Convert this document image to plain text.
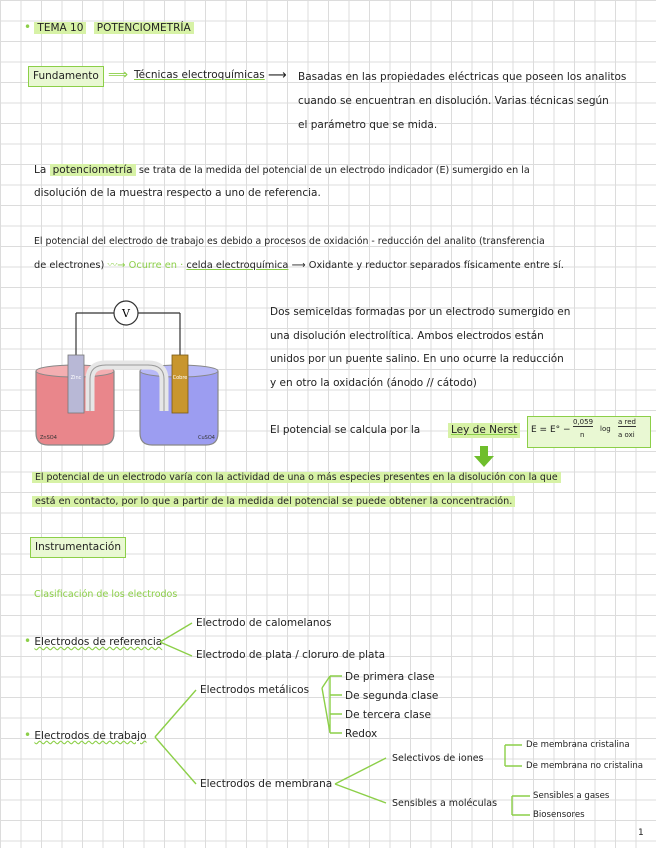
• TEMA 10 POTENCIOMETRÍA
Fundamento ⟹ Técnicas electroquímicas ⟶ Basadas en las propiedades eléctricas que poseen los analitos
cuando se encuentran en disolución. Varias técnicas según
el parámetro que se mida.
La potenciometría se trata de la medida del potencial de un electrodo indicador (E) sumergido en la
disolución de la muestra respecto a uno de referencia.
El potencial del electrodo de trabajo es debido a procesos de oxidación - reducción del analito (transferencia
de electrones) 〰→ Ocurre en · celda electroquímica ⟶ Oxidante y reductor separados físicamente entre sí.
V
Zinc	Cobre
ZnSO4	CuSO4
Dos semiceldas formadas por un electrodo sumergido en
una disolución electrolítica. Ambos electrodos están
unidos por un puente salino. En uno ocurre la reducción
y en otro la oxidación (ánodo // cátodo)
El potencial se calcula por la	Ley de Nerst	E = E° −
0,059
n
log
a red
a oxi
El potencial de un electrodo varía con la actividad de una o más especies presentes en la disolución con la que
está en contacto, por lo que a partir de la medida del potencial se puede obtener la concentración.
Instrumentación
Clasificación de los electrodos
• Electrodos de referencia
Electrodo de calomelanos
Electrodo de plata / cloruro de plata
• Electrodos de trabajo
Electrodos metálicos
De primera clase
De segunda clase
De tercera clase
Redox
Electrodos de membrana
Selectivos de iones
Sensibles a moléculas
De membrana cristalina
De membrana no cristalina
Sensibles a gases
Biosensores
1
